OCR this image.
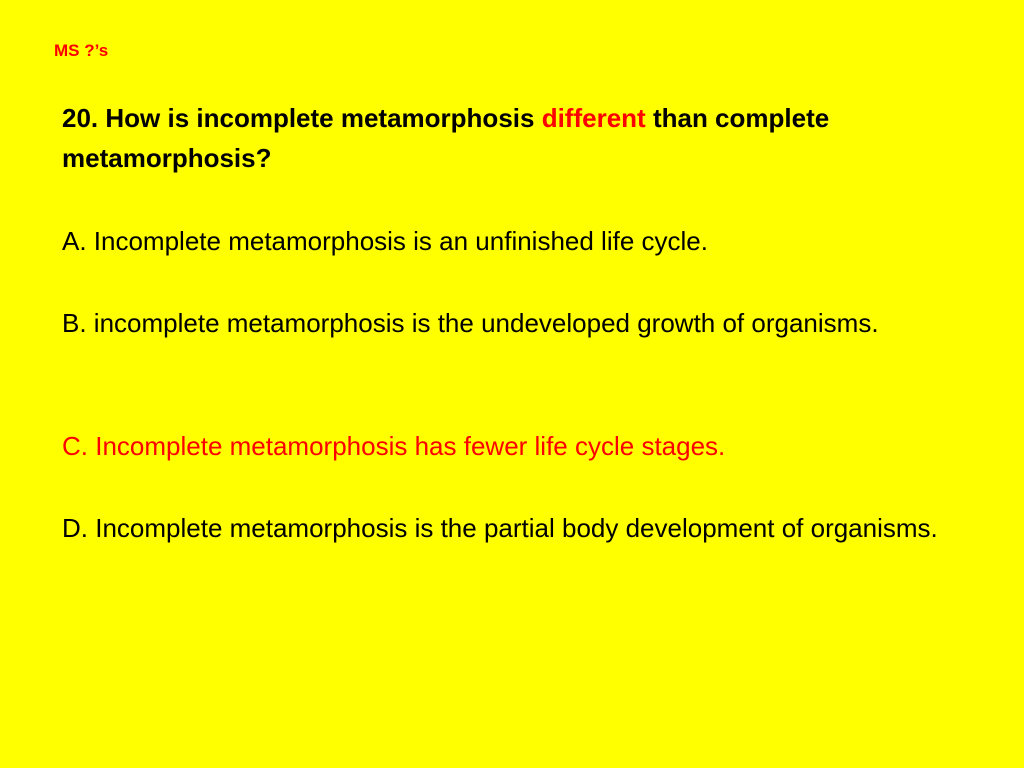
MS ?’s
20. How is incomplete metamorphosis different than complete metamorphosis?
A. Incomplete metamorphosis is an unfinished life cycle.
B. incomplete metamorphosis is the undeveloped growth of organisms.
C. Incomplete metamorphosis has fewer life cycle stages.
D. Incomplete metamorphosis is the partial body development of organisms.
